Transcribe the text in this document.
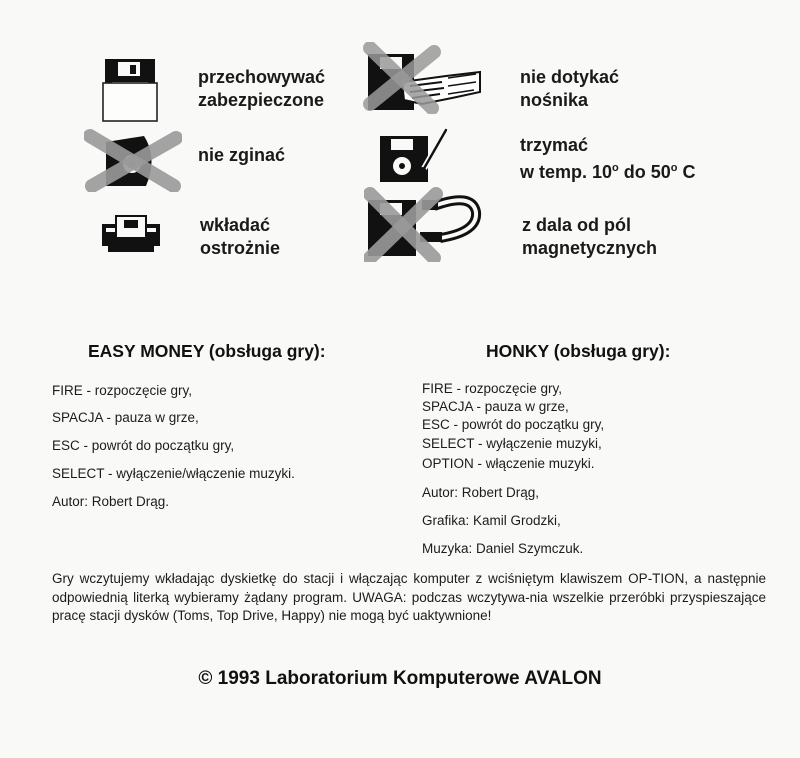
przechowywać
zabezpieczone
nie dotykać
nośnika
nie zginać	trzymać
w temp. 10$^o$ do 50$^o$ C
wkładać
ostrożnie
z dala od pól
magnetycznych
EASY MONEY (obsługa gry):
FIRE - rozpoczęcie gry,
SPACJA - pauza w grze,
ESC - powrót do początku gry,
SELECT - wyłączenie/włączenie muzyki.
Autor: Robert Drąg.
HONKY (obsługa gry):
FIRE - rozpoczęcie gry,
SPACJA - pauza w grze,
ESC - powrót do początku gry,
SELECT - wyłączenie muzyki,
OPTION - włączenie muzyki.
Autor: Robert Drąg,
Grafika: Kamil Grodzki,
Muzyka: Daniel Szymczuk.
Gry wczytujemy wkładając dyskietkę do stacji i włączając komputer z wciśniętym klawiszem OP-TION, a następnie odpowiednią literką wybieramy żądany program. UWAGA: podczas wczytywa-nia wszelkie przeróbki przyspieszające pracę stacji dysków (Toms, Top Drive, Happy) nie mogą być uaktywnione!
© 1993 Laboratorium Komputerowe AVALON
